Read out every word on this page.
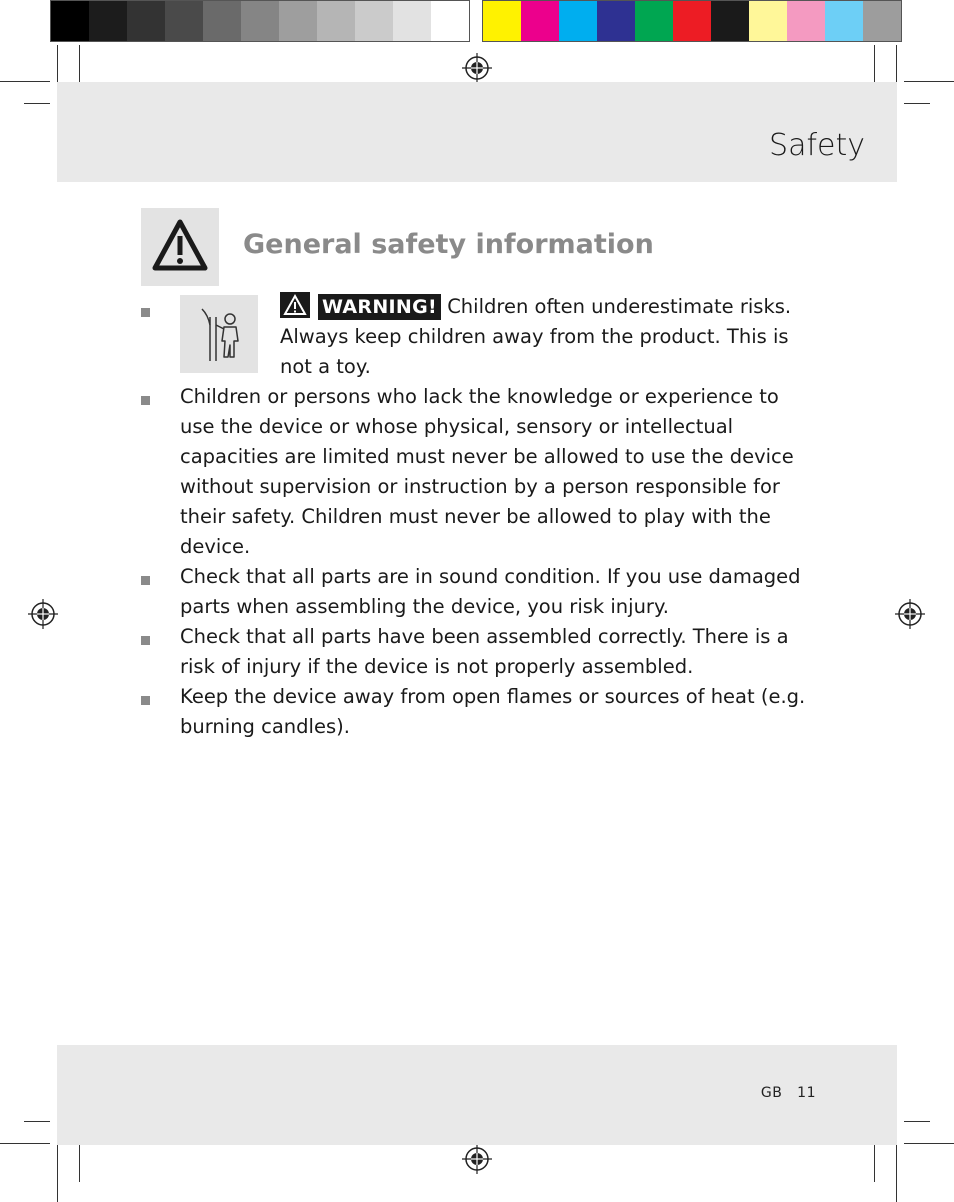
Safety
General safety information
WARNING! Children often underestimate risks. Always keep children away from the product. This is not a toy.
Children or persons who lack the knowledge or experience to use the device or whose physical, sensory or intellectual capacities are limited must never be allowed to use the device without supervision or instruction by a person responsible for their safety. Children must never be allowed to play with the device.
Check that all parts are in sound condition. If you use damaged parts when assembling the device, you risk injury.
Check that all parts have been assembled correctly. There is a risk of injury if the device is not properly assembled.
Keep the device away from open flames or sources of heat (e.g. burning candles).
GB   11
